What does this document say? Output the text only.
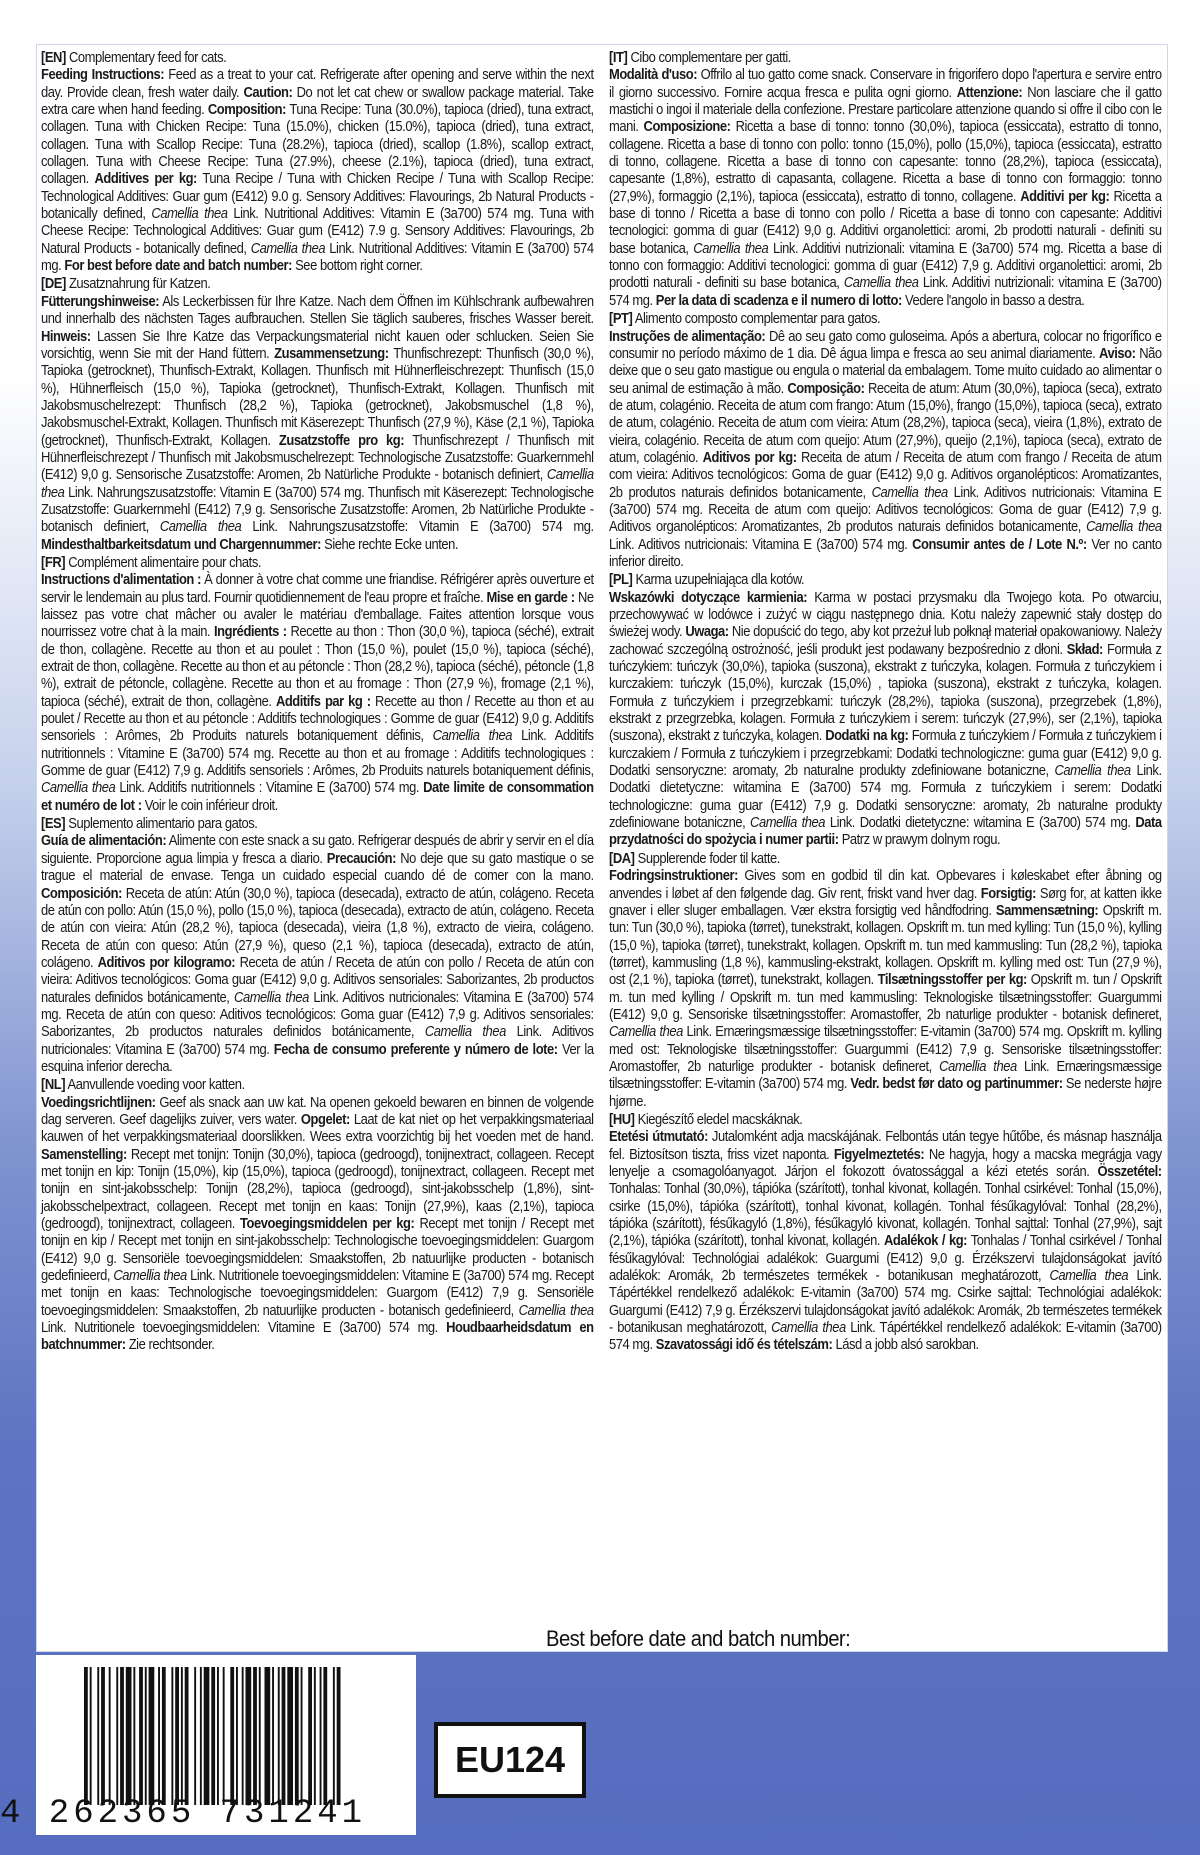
[EN] Complementary feed for cats.
Feeding Instructions: Feed as a treat to your cat. Refrigerate after opening and serve within the next day. Provide clean, fresh water daily. Caution: Do not let cat chew or swallow package material. Take extra care when hand feeding. Composition: Tuna Recipe: Tuna (30.0%), tapioca (dried), tuna extract, collagen. Tuna with Chicken Recipe: Tuna (15.0%), chicken (15.0%), tapioca (dried), tuna extract, collagen. Tuna with Scallop Recipe: Tuna (28.2%), tapioca (dried), scallop (1.8%), scallop extract, collagen. Tuna with Cheese Recipe: Tuna (27.9%), cheese (2.1%), tapioca (dried), tuna extract, collagen. Additives per kg: Tuna Recipe / Tuna with Chicken Recipe / Tuna with Scallop Recipe: Technological Additives: Guar gum (E412) 9.0 g. Sensory Additives: Flavourings, 2b Natural Products - botanically defined, Camellia thea Link. Nutritional Additives: Vitamin E (3a700) 574 mg. Tuna with Cheese Recipe: Technological Additives: Guar gum (E412) 7.9 g. Sensory Additives: Flavourings, 2b Natural Products - botanically defined, Camellia thea Link. Nutritional Additives: Vitamin E (3a700) 574 mg. For best before date and batch number: See bottom right corner.
[DE] Zusatznahrung für Katzen.
Fütterungshinweise: Als Leckerbissen für Ihre Katze. Nach dem Öffnen im Kühlschrank aufbewahren und innerhalb des nächsten Tages aufbrauchen. Stellen Sie täglich sauberes, frisches Wasser bereit. Hinweis: Lassen Sie Ihre Katze das Verpackungsmaterial nicht kauen oder schlucken. Seien Sie vorsichtig, wenn Sie mit der Hand füttern. Zusammensetzung: Thunfischrezept: Thunfisch (30,0 %), Tapioka (getrocknet), Thunfisch-Extrakt, Kollagen. Thunfisch mit Hühnerfleischrezept: Thunfisch (15,0 %), Hühnerfleisch (15,0 %), Tapioka (getrocknet), Thunfisch-Extrakt, Kollagen. Thunfisch mit Jakobsmuschelrezept: Thunfisch (28,2 %), Tapioka (getrocknet), Jakobsmuschel (1,8 %), Jakobsmuschel-Extrakt, Kollagen. Thunfisch mit Käserezept: Thunfisch (27,9 %), Käse (2,1 %), Tapioka (getrocknet), Thunfisch-Extrakt, Kollagen. Zusatzstoffe pro kg: Thunfischrezept / Thunfisch mit Hühnerfleischrezept / Thunfisch mit Jakobsmuschelrezept: Technologische Zusatzstoffe: Guarkernmehl (E412) 9,0 g. Sensorische Zusatzstoffe: Aromen, 2b Natürliche Produkte - botanisch definiert, Camellia thea Link. Nahrungszusatzstoffe: Vitamin E (3a700) 574 mg. Thunfisch mit Käserezept: Technologische Zusatzstoffe: Guarkernmehl (E412) 7,9 g. Sensorische Zusatzstoffe: Aromen, 2b Natürliche Produkte - botanisch definiert, Camellia thea Link. Nahrungszusatzstoffe: Vitamin E (3a700) 574 mg. Mindesthaltbarkeitsdatum und Chargennummer: Siehe rechte Ecke unten.
[FR] Complément alimentaire pour chats.
Instructions d'alimentation : À donner à votre chat comme une friandise. Réfrigérer après ouverture et servir le lendemain au plus tard. Fournir quotidiennement de l'eau propre et fraîche. Mise en garde : Ne laissez pas votre chat mâcher ou avaler le matériau d'emballage. Faites attention lorsque vous nourrissez votre chat à la main. Ingrédients : Recette au thon : Thon (30,0 %), tapioca (séché), extrait de thon, collagène. Recette au thon et au poulet : Thon (15,0 %), poulet (15,0 %), tapioca (séché), extrait de thon, collagène. Recette au thon et au pétoncle : Thon (28,2 %), tapioca (séché), pétoncle (1,8 %), extrait de pétoncle, collagène. Recette au thon et au fromage : Thon (27,9 %), fromage (2,1 %), tapioca (séché), extrait de thon, collagène. Additifs par kg : Recette au thon / Recette au thon et au poulet / Recette au thon et au pétoncle : Additifs technologiques : Gomme de guar (E412) 9,0 g. Additifs sensoriels : Arômes, 2b Produits naturels botaniquement définis, Camellia thea Link. Additifs nutritionnels : Vitamine E (3a700) 574 mg. Recette au thon et au fromage : Additifs technologiques : Gomme de guar (E412) 7,9 g. Additifs sensoriels : Arômes, 2b Produits naturels botaniquement définis, Camellia thea Link. Additifs nutritionnels : Vitamine E (3a700) 574 mg. Date limite de consommation et numéro de lot : Voir le coin inférieur droit.
[ES] Suplemento alimentario para gatos.
Guía de alimentación: Alimente con este snack a su gato. Refrigerar después de abrir y servir en el día siguiente. Proporcione agua limpia y fresca a diario. Precaución: No deje que su gato mastique o se trague el material de envase. Tenga un cuidado especial cuando dé de comer con la mano. Composición: Receta de atún: Atún (30,0 %), tapioca (desecada), extracto de atún, colágeno. Receta de atún con pollo: Atún (15,0 %), pollo (15,0 %), tapioca (desecada), extracto de atún, colágeno. Receta de atún con vieira: Atún (28,2 %), tapioca (desecada), vieira (1,8 %), extracto de vieira, colágeno. Receta de atún con queso: Atún (27,9 %), queso (2,1 %), tapioca (desecada), extracto de atún, colágeno. Aditivos por kilogramo: Receta de atún / Receta de atún con pollo / Receta de atún con vieira: Aditivos tecnológicos: Goma guar (E412) 9,0 g. Aditivos sensoriales: Saborizantes, 2b productos naturales definidos botánicamente, Camellia thea Link. Aditivos nutricionales: Vitamina E (3a700) 574 mg. Receta de atún con queso: Aditivos tecnológicos: Goma guar (E412) 7,9 g. Aditivos sensoriales: Saborizantes, 2b productos naturales definidos botánicamente, Camellia thea Link. Aditivos nutricionales: Vitamina E (3a700) 574 mg. Fecha de consumo preferente y número de lote: Ver la esquina inferior derecha.
[NL] Aanvullende voeding voor katten.
Voedingsrichtlijnen: Geef als snack aan uw kat. Na openen gekoeld bewaren en binnen de volgende dag serveren. Geef dagelijks zuiver, vers water. Opgelet: Laat de kat niet op het verpakkingsmateriaal kauwen of het verpakkingsmateriaal doorslikken. Wees extra voorzichtig bij het voeden met de hand. Samenstelling: Recept met tonijn: Tonijn (30,0%), tapioca (gedroogd), tonijnextract, collageen. Recept met tonijn en kip: Tonijn (15,0%), kip (15,0%), tapioca (gedroogd), tonijnextract, collageen. Recept met tonijn en sint-jakobsschelp: Tonijn (28,2%), tapioca (gedroogd), sint-jakobsschelp (1,8%), sint-jakobsschelpextract, collageen. Recept met tonijn en kaas: Tonijn (27,9%), kaas (2,1%), tapioca (gedroogd), tonijnextract, collageen. Toevoegingsmiddelen per kg: Recept met tonijn / Recept met tonijn en kip / Recept met tonijn en sint-jakobsschelp: Technologische toevoegingsmiddelen: Guargom (E412) 9,0 g. Sensoriële toevoegingsmiddelen: Smaakstoffen, 2b natuurlijke producten - botanisch gedefinieerd, Camellia thea Link. Nutritionele toevoegingsmiddelen: Vitamine E (3a700) 574 mg. Recept met tonijn en kaas: Technologische toevoegingsmiddelen: Guargom (E412) 7,9 g. Sensoriële toevoegingsmiddelen: Smaakstoffen, 2b natuurlijke producten - botanisch gedefinieerd, Camellia thea Link. Nutritionele toevoegingsmiddelen: Vitamine E (3a700) 574 mg. Houdbaarheidsdatum en batchnummer: Zie rechtsonder.
[IT] Cibo complementare per gatti.
Modalità d'uso: Offrilo al tuo gatto come snack. Conservare in frigorifero dopo l'apertura e servire entro il giorno successivo. Fornire acqua fresca e pulita ogni giorno. Attenzione: Non lasciare che il gatto mastichi o ingoi il materiale della confezione. Prestare particolare attenzione quando si offre il cibo con le mani. Composizione: Ricetta a base di tonno: tonno (30,0%), tapioca (essiccata), estratto di tonno, collagene. Ricetta a base di tonno con pollo: tonno (15,0%), pollo (15,0%), tapioca (essiccata), estratto di tonno, collagene. Ricetta a base di tonno con capesante: tonno (28,2%), tapioca (essiccata), capesante (1,8%), estratto di capasanta, collagene. Ricetta a base di tonno con formaggio: tonno (27,9%), formaggio (2,1%), tapioca (essiccata), estratto di tonno, collagene. Additivi per kg: Ricetta a base di tonno / Ricetta a base di tonno con pollo / Ricetta a base di tonno con capesante: Additivi tecnologici: gomma di guar (E412) 9,0 g. Additivi organolettici: aromi, 2b prodotti naturali - definiti su base botanica, Camellia thea Link. Additivi nutrizionali: vitamina E (3a700) 574 mg. Ricetta a base di tonno con formaggio: Additivi tecnologici: gomma di guar (E412) 7,9 g. Additivi organolettici: aromi, 2b prodotti naturali - definiti su base botanica, Camellia thea Link. Additivi nutrizionali: vitamina E (3a700) 574 mg. Per la data di scadenza e il numero di lotto: Vedere l'angolo in basso a destra.
[PT] Alimento composto complementar para gatos.
Instruções de alimentação: Dê ao seu gato como guloseima. Após a abertura, colocar no frigorífico e consumir no período máximo de 1 dia. Dê água limpa e fresca ao seu animal diariamente. Aviso: Não deixe que o seu gato mastigue ou engula o material da embalagem. Tome muito cuidado ao alimentar o seu animal de estimação à mão. Composição: Receita de atum: Atum (30,0%), tapioca (seca), extrato de atum, colagénio. Receita de atum com frango: Atum (15,0%), frango (15,0%), tapioca (seca), extrato de atum, colagénio. Receita de atum com vieira: Atum (28,2%), tapioca (seca), vieira (1,8%), extrato de vieira, colagénio. Receita de atum com queijo: Atum (27,9%), queijo (2,1%), tapioca (seca), extrato de atum, colagénio. Aditivos por kg: Receita de atum / Receita de atum com frango / Receita de atum com vieira: Aditivos tecnológicos: Goma de guar (E412) 9,0 g. Aditivos organolépticos: Aromatizantes, 2b produtos naturais definidos botanicamente, Camellia thea Link. Aditivos nutricionais: Vitamina E (3a700) 574 mg. Receita de atum com queijo: Aditivos tecnológicos: Goma de guar (E412) 7,9 g. Aditivos organolépticos: Aromatizantes, 2b produtos naturais definidos botanicamente, Camellia thea Link. Aditivos nutricionais: Vitamina E (3a700) 574 mg. Consumir antes de / Lote N.º: Ver no canto inferior direito.
[PL] Karma uzupełniająca dla kotów.
Wskazówki dotyczące karmienia: Karma w postaci przysmaku dla Twojego kota. Po otwarciu, przechowywać w lodówce i zużyć w ciągu następnego dnia. Kotu należy zapewnić stały dostęp do świeżej wody. Uwaga: Nie dopuścić do tego, aby kot przeżuł lub połknął materiał opakowaniowy. Należy zachować szczególną ostrożność, jeśli produkt jest podawany bezpośrednio z dłoni. Skład: Formuła z tuńczykiem: tuńczyk (30,0%), tapioka (suszona), ekstrakt z tuńczyka, kolagen. Formuła z tuńczykiem i kurczakiem: tuńczyk (15,0%), kurczak (15,0%) , tapioka (suszona), ekstrakt z tuńczyka, kolagen. Formuła z tuńczykiem i przegrzebkami: tuńczyk (28,2%), tapioka (suszona), przegrzebek (1,8%), ekstrakt z przegrzebka, kolagen. Formuła z tuńczykiem i serem: tuńczyk (27,9%), ser (2,1%), tapioka (suszona), ekstrakt z tuńczyka, kolagen. Dodatki na kg: Formuła z tuńczykiem / Formuła z tuńczykiem i kurczakiem / Formuła z tuńczykiem i przegrzebkami: Dodatki technologiczne: guma guar (E412) 9,0 g. Dodatki sensoryczne: aromaty, 2b naturalne produkty zdefiniowane botaniczne, Camellia thea Link. Dodatki dietetyczne: witamina E (3a700) 574 mg. Formuła z tuńczykiem i serem: Dodatki technologiczne: guma guar (E412) 7,9 g. Dodatki sensoryczne: aromaty, 2b naturalne produkty zdefiniowane botaniczne, Camellia thea Link. Dodatki dietetyczne: witamina E (3a700) 574 mg. Data przydatności do spożycia i numer partii: Patrz w prawym dolnym rogu.
[DA] Supplerende foder til katte.
Fodringsinstruktioner: Gives som en godbid til din kat. Opbevares i køleskabet efter åbning og anvendes i løbet af den følgende dag. Giv rent, friskt vand hver dag. Forsigtig: Sørg for, at katten ikke gnaver i eller sluger emballagen. Vær ekstra forsigtig ved håndfodring. Sammensætning: Opskrift m. tun: Tun (30,0 %), tapioka (tørret), tunekstrakt, kollagen. Opskrift m. tun med kylling: Tun (15,0 %), kylling (15,0 %), tapioka (tørret), tunekstrakt, kollagen. Opskrift m. tun med kammusling: Tun (28,2 %), tapioka (tørret), kammusling (1,8 %), kammusling-ekstrakt, kollagen. Opskrift m. kylling med ost: Tun (27,9 %), ost (2,1 %), tapioka (tørret), tunekstrakt, kollagen. Tilsætningsstoffer per kg: Opskrift m. tun / Opskrift m. tun med kylling / Opskrift m. tun med kammusling: Teknologiske tilsætningsstoffer: Guargummi (E412) 9,0 g. Sensoriske tilsætningsstoffer: Aromastoffer, 2b naturlige produkter - botanisk defineret, Camellia thea Link. Ernæringsmæssige tilsætningsstoffer: E-vitamin (3a700) 574 mg. Opskrift m. kylling med ost: Teknologiske tilsætningsstoffer: Guargummi (E412) 7,9 g. Sensoriske tilsætningsstoffer: Aromastoffer, 2b naturlige produkter - botanisk defineret, Camellia thea Link. Ernæringsmæssige tilsætningsstoffer: E-vitamin (3a700) 574 mg. Vedr. bedst før dato og partinummer: Se nederste højre hjørne.
[HU] Kiegészítő eledel macskáknak.
Etetési útmutató: Jutalomként adja macskájának. Felbontás után tegye hűtőbe, és másnap használja fel. Biztosítson tiszta, friss vizet naponta. Figyelmeztetés: Ne hagyja, hogy a macska megrágja vagy lenyelje a csomagolóanyagot. Járjon el fokozott óvatossággal a kézi etetés során. Összetétel: Tonhalas: Tonhal (30,0%), tápióka (szárított), tonhal kivonat, kollagén. Tonhal csirkével: Tonhal (15,0%), csirke (15,0%), tápióka (szárított), tonhal kivonat, kollagén. Tonhal fésűkagylóval: Tonhal (28,2%), tápióka (szárított), fésűkagyló (1,8%), fésűkagyló kivonat, kollagén. Tonhal sajttal: Tonhal (27,9%), sajt (2,1%), tápióka (szárított), tonhal kivonat, kollagén. Adalékok / kg: Tonhalas / Tonhal csirkével / Tonhal fésűkagylóval: Technológiai adalékok: Guargumi (E412) 9,0 g. Érzékszervi tulajdonságokat javító adalékok: Aromák, 2b természetes termékek - botanikusan meghatározott, Camellia thea Link. Tápértékkel rendelkező adalékok: E-vitamin (3a700) 574 mg. Csirke sajttal: Technológiai adalékok: Guargumi (E412) 7,9 g. Érzékszervi tulajdonságokat javító adalékok: Aromák, 2b természetes termékek - botanikusan meghatározott, Camellia thea Link. Tápértékkel rendelkező adalékok: E-vitamin (3a700) 574 mg. Szavatossági idő és tételszám: Lásd a jobb alsó sarokban.
Best before date and batch number:
4 262365 731241
EU124
